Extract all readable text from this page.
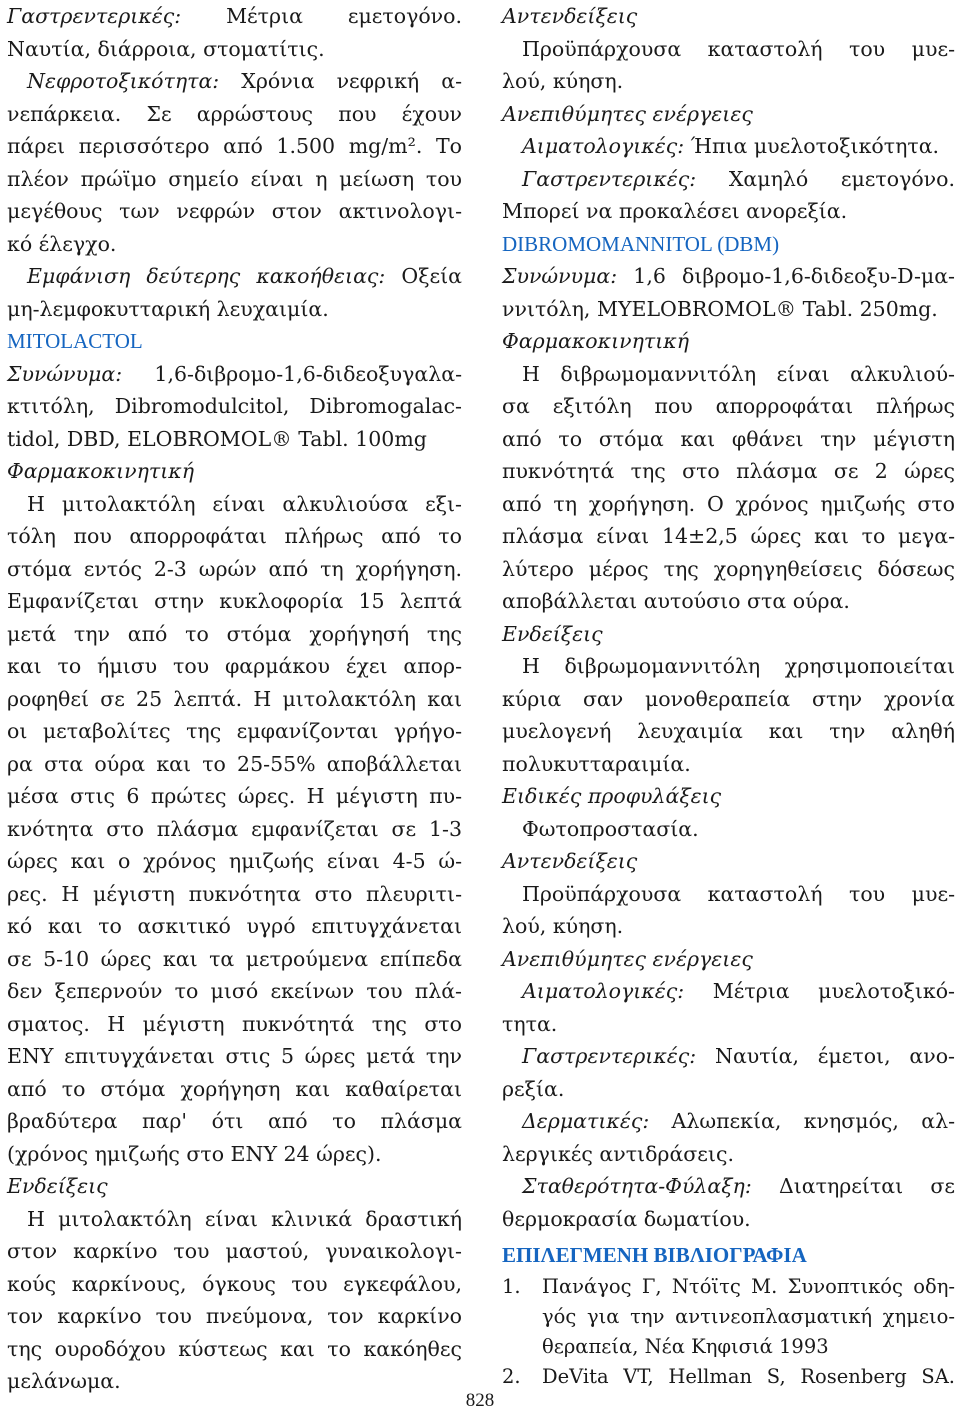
Γαστρεντερικές: Μέτρια εμετογόνο.
Ναυτία, διάρροια, στοματίτις.
Νεφροτοξικότητα: Χρόνια νεφρική α-
νεπάρκεια. Σε αρρώστους που έχουν
πάρει περισσότερο από 1.500 mg/m². Το
πλέον πρώϊμο σημείο είναι η μείωση του
μεγέθους των νεφρών στον ακτινολογι-
κό έλεγχο.
Εμφάνιση δεύτερης κακοήθειας: Οξεία
μη-λεμφοκυτταρική λευχαιμία.
MITOLACTOL
Συνώνυμα: 1,6-διβρομο-1,6-διδεοξυγαλα-
κτιτόλη, Dibromodulcitol, Dibromogalac-
tidol, DBD, ELOBROMOL® Tabl. 100mg
Φαρμακοκινητική
Η μιτολακτόλη είναι αλκυλιούσα εξι-
τόλη που απορροφάται πλήρως από το
στόμα εντός 2-3 ωρών από τη χορήγηση.
Εμφανίζεται στην κυκλοφορία 15 λεπτά
μετά την από το στόμα χορήγησή της
και το ήμισυ του φαρμάκου έχει απορ-
ροφηθεί σε 25 λεπτά. Η μιτολακτόλη και
οι μεταβολίτες της εμφανίζονται γρήγο-
ρα στα ούρα και το 25-55% αποβάλλεται
μέσα στις 6 πρώτες ώρες. Η μέγιστη πυ-
κνότητα στο πλάσμα εμφανίζεται σε 1-3
ώρες και ο χρόνος ημιζωής είναι 4-5 ώ-
ρες. Η μέγιστη πυκνότητα στο πλευριτι-
κό και το ασκιτικό υγρό επιτυγχάνεται
σε 5-10 ώρες και τα μετρούμενα επίπεδα
δεν ξεπερνούν το μισό εκείνων του πλά-
σματος. Η μέγιστη πυκνότητά της στο
ΕΝΥ επιτυγχάνεται στις 5 ώρες μετά την
από το στόμα χορήγηση και καθαίρεται
βραδύτερα παρ' ότι από το πλάσμα
(χρόνος ημιζωής στο ΕΝΥ 24 ώρες).
Ενδείξεις
Η μιτολακτόλη είναι κλινικά δραστική
στον καρκίνο του μαστού, γυναικολογι-
κούς καρκίνους, όγκους του εγκεφάλου,
τον καρκίνο του πνεύμονα, τον καρκίνο
της ουροδόχου κύστεως και το κακόηθες
μελάνωμα.
Αντενδείξεις
Προϋπάρχουσα καταστολή του μυε-
λού, κύηση.
Ανεπιθύμητες ενέργειες
Αιματολογικές: Ήπια μυελοτοξικότητα.
Γαστρεντερικές: Χαμηλό εμετογόνο.
Μπορεί να προκαλέσει ανορεξία.
DIBROMOMANNITOL (DBM)
Συνώνυμα: 1,6 διβρομο-1,6-διδεοξυ-D-μα-
ννιτόλη, MYELOBROMOL® Tabl. 250mg.
Φαρμακοκινητική
Η διβρωμομαννιτόλη είναι αλκυλιού-
σα εξιτόλη που απορροφάται πλήρως
από το στόμα και φθάνει την μέγιστη
πυκνότητά της στο πλάσμα σε 2 ώρες
από τη χορήγηση. Ο χρόνος ημιζωής στο
πλάσμα είναι 14±2,5 ώρες και το μεγα-
λύτερο μέρος της χορηγηθείσεις δόσεως
αποβάλλεται αυτούσιο στα ούρα.
Ενδείξεις
Η διβρωμομαννιτόλη χρησιμοποιείται
κύρια σαν μονοθεραπεία στην χρονία
μυελογενή λευχαιμία και την αληθή
πολυκυτταραιμία.
Ειδικές προφυλάξεις
Φωτοπροστασία.
Αντενδείξεις
Προϋπάρχουσα καταστολή του μυε-
λού, κύηση.
Ανεπιθύμητες ενέργειες
Αιματολογικές: Μέτρια μυελοτοξικό-
τητα.
Γαστρεντερικές: Ναυτία, έμετοι, ανο-
ρεξία.
Δερματικές: Αλωπεκία, κνησμός, αλ-
λεργικές αντιδράσεις.
Σταθερότητα-Φύλαξη: Διατηρείται σε
θερμοκρασία δωματίου.
ΕΠΙΛΕΓΜΕΝΗ ΒΙΒΛΙΟΓΡΑΦΙΑ
1. Πανάγος Γ, Ντόϊτς Μ. Συνοπτικός οδη-
γός για την αντινεοπλασματική χημειο-
θεραπεία, Νέα Κηφισιά 1993
2. DeVita VT, Hellman S, Rosenberg SA.
828
